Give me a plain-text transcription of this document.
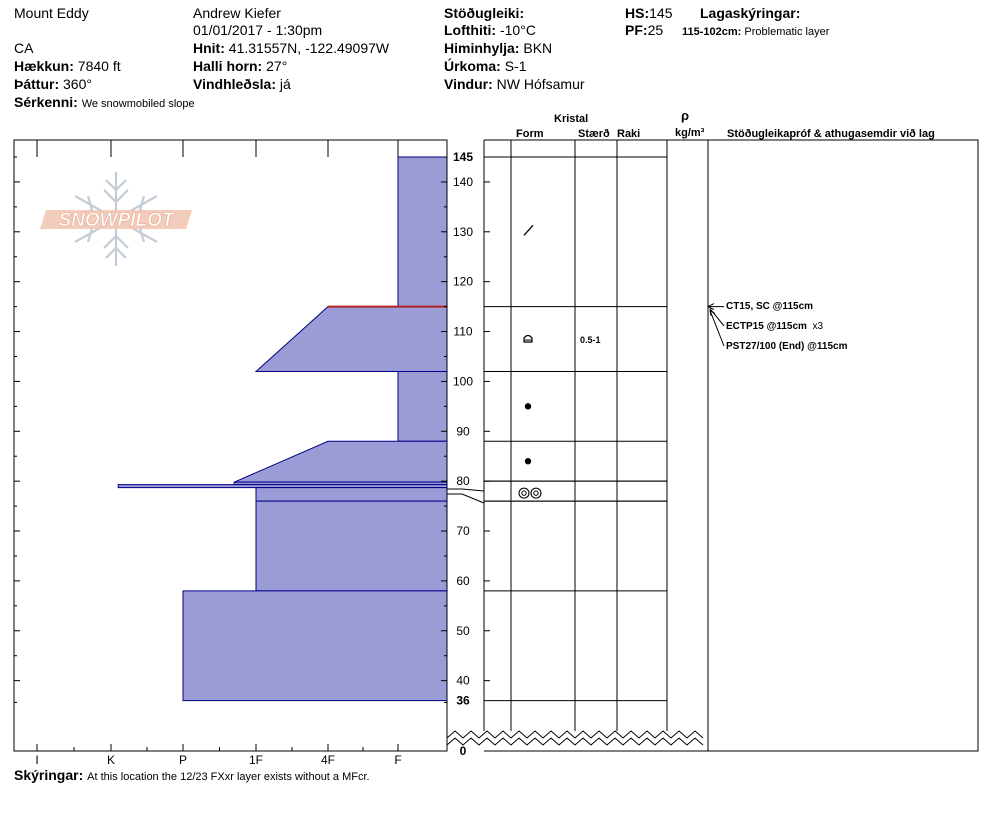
Mount Eddy
CA
Hækkun: 7840 ft
Þáttur: 360°
Sérkenni: We snowmobiled slope
Andrew Kiefer
01/01/2017 - 1:30pm
Hnit: 41.31557N, -122.49097W
Halli horn: 27°
Vindhleðsla: já
Stöðugleiki:
Lofthiti: -10°C
Himinhylja: BKN
Úrkoma: S-1
Vindur: NW Hófsamur
HS:145
PF:25
Lagaskýringar:
115-102cm: Problematic layer
Kristal
Form	Stærð Raki
ρ
kg/m³ Stöðugleikapróf & athugasemdir við lag
CT15, SC @115cm
ECTP15 @115cm x3
PST27/100 (End) @115cm
Skýringar: At this location the 12/23 FXxr layer exists without a MFcr.
SNOWPILOT
40
50
60
70
80
90
100
110
120
130
140
145
36
0
I	K	P	1F	4F	F
0.5-1
